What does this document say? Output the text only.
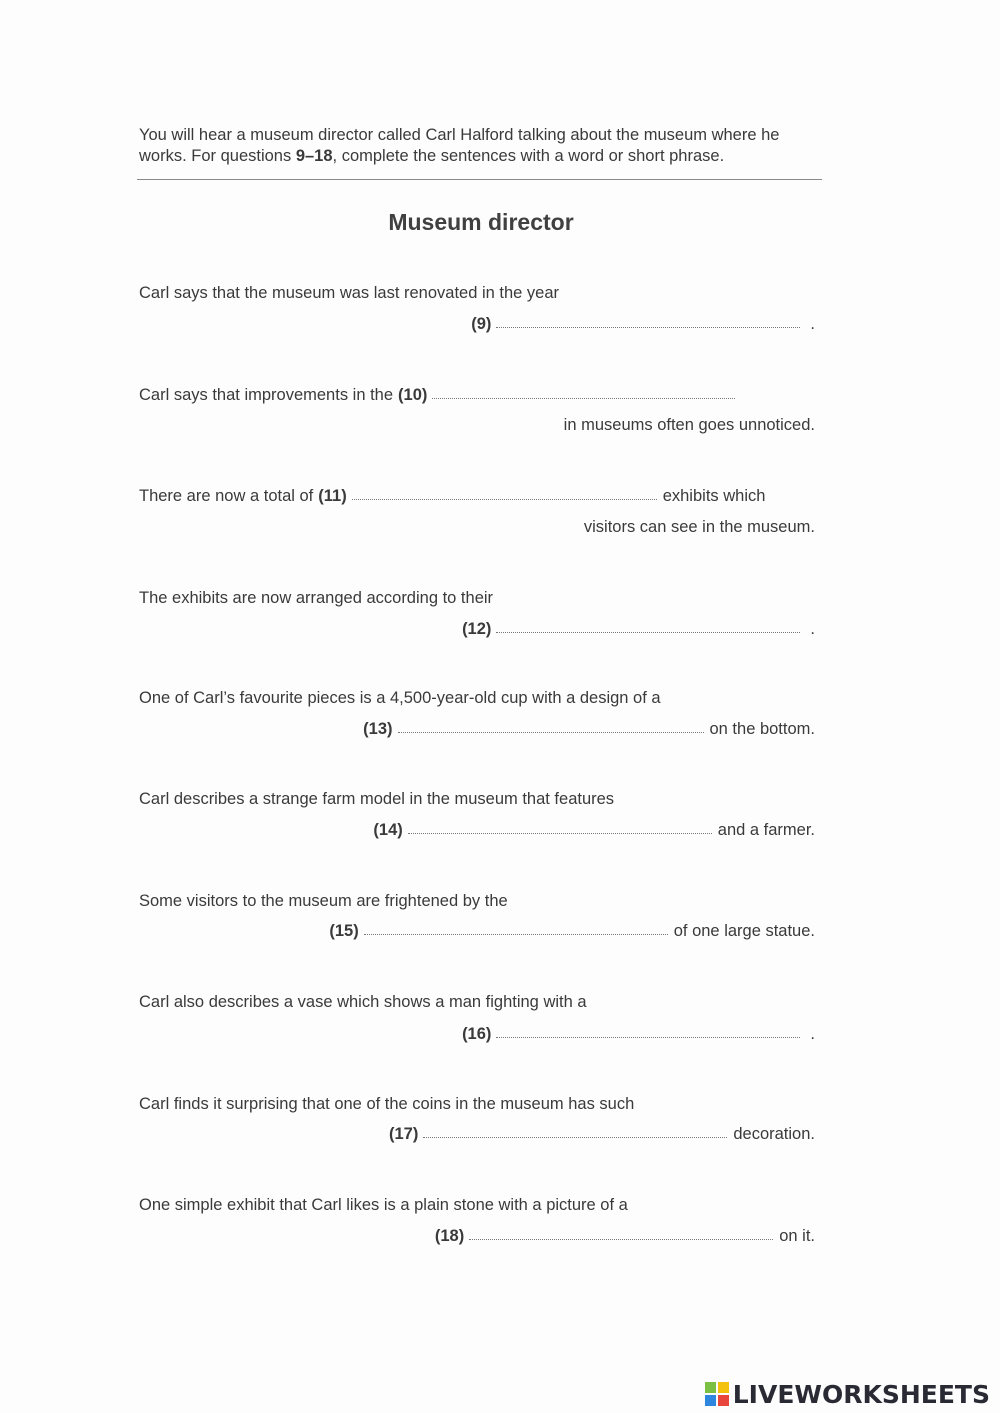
You will hear a museum director called Carl Halford talking about the museum where he works. For questions 9–18, complete the sentences with a word or short phrase.
Museum director
Carl says that the museum was last renovated in the year
(9)	.
Carl says that improvements in the (10)
in museums often goes unnoticed.
There are now a total of (11)	exhibits which
visitors can see in the museum.
The exhibits are now arranged according to their
(12)	.
One of Carl’s favourite pieces is a 4,500-year-old cup with a design of a
(13)	on the bottom.
Carl describes a strange farm model in the museum that features
(14)	and a farmer.
Some visitors to the museum are frightened by the
(15)	of one large statue.
Carl also describes a vase which shows a man fighting with a
(16)	.
Carl finds it surprising that one of the coins in the museum has such
(17)	decoration.
One simple exhibit that Carl likes is a plain stone with a picture of a
(18)	on it.
LIVEWORKSHEETS
